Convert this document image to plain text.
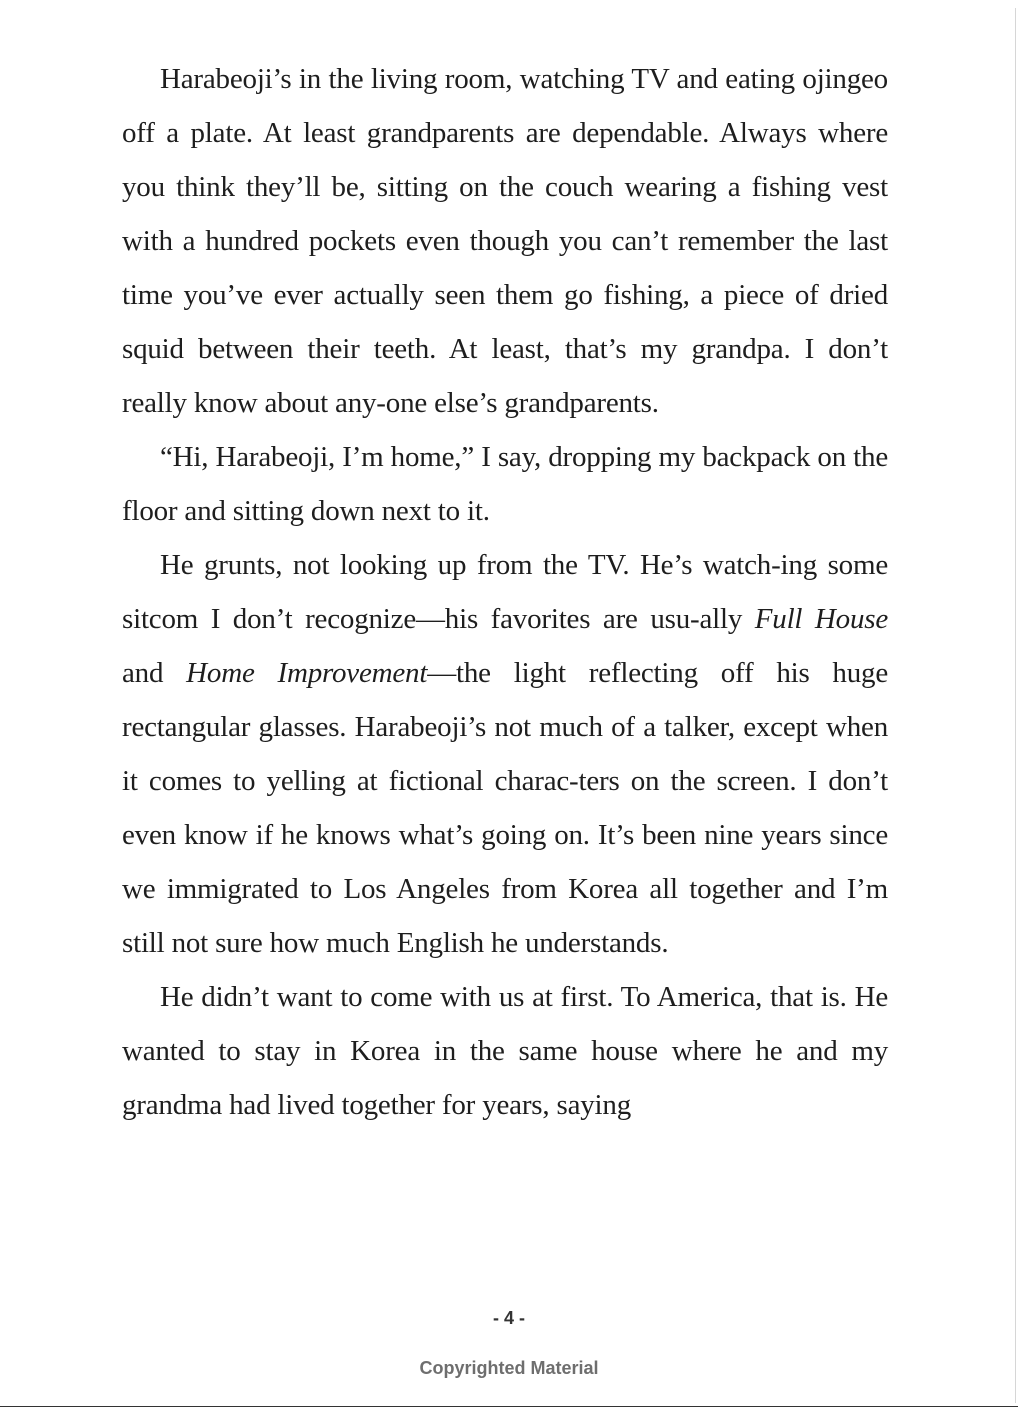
Harabeoji’s in the living room, watching TV and eating ojingeo off a plate. At least grandparents are dependable. Always where you think they’ll be, sitting on the couch wearing a fishing vest with a hundred pockets even though you can’t remember the last time you’ve ever actually seen them go fishing, a piece of dried squid between their teeth. At least, that’s my grandpa. I don’t really know about any-one else’s grandparents.

“Hi, Harabeoji, I’m home,” I say, dropping my backpack on the floor and sitting down next to it.

He grunts, not looking up from the TV. He’s watch-ing some sitcom I don’t recognize—his favorites are usu-ally Full House and Home Improvement—the light reflecting off his huge rectangular glasses. Harabeoji’s not much of a talker, except when it comes to yelling at fictional charac-ters on the screen. I don’t even know if he knows what’s going on. It’s been nine years since we immigrated to Los Angeles from Korea all together and I’m still not sure how much English he understands.

He didn’t want to come with us at first. To America, that is. He wanted to stay in Korea in the same house where he and my grandma had lived together for years, saying

- 4 -
Copyrighted Material
